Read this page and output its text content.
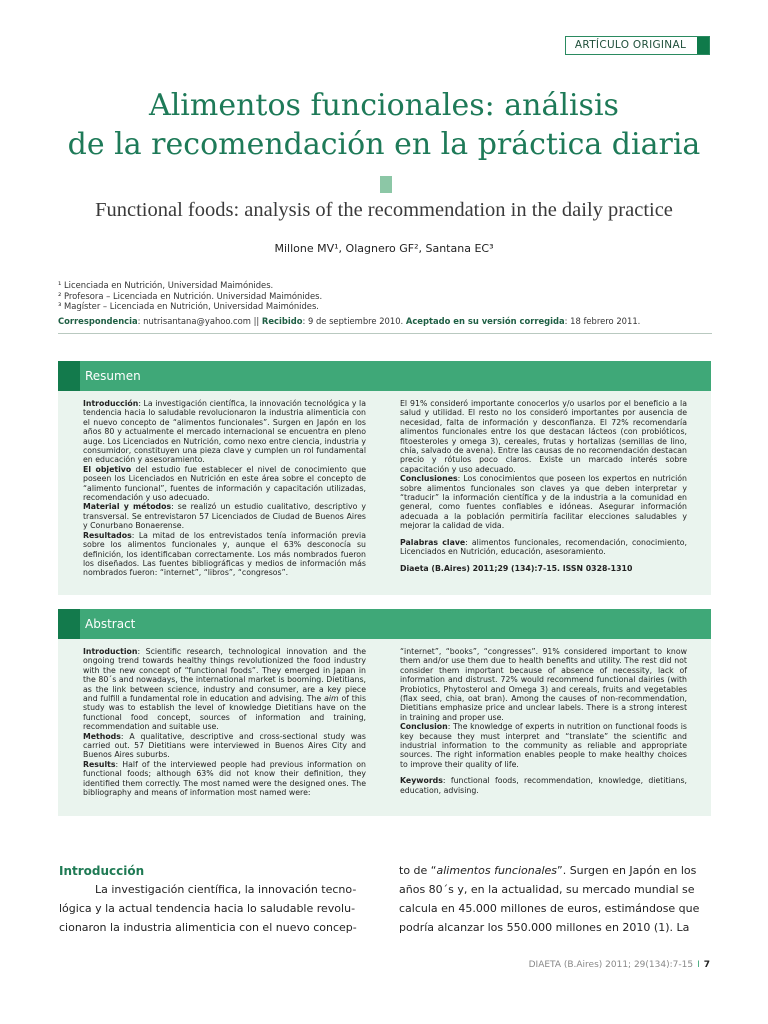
ARTÍCULO ORIGINAL
Alimentos funcionales: análisis
de la recomendación en la práctica diaria
Functional foods: analysis of the recommendation in the daily practice
Millone MV¹, Olagnero GF², Santana EC³
¹ Licenciada en Nutrición, Universidad Maimónides.
² Profesora – Licenciada en Nutrición. Universidad Maimónides.
³ Magíster – Licenciada en Nutrición, Universidad Maimónides.
Correspondencia: nutrisantana@yahoo.com || Recibido: 9 de septiembre 2010. Aceptado en su versión corregida: 18 febrero 2011.
Resumen

Introducción: La investigación científica, la innovación tecnológica y la tendencia hacia lo saludable revolucionaron la industria alimenticia con el nuevo concepto de “alimentos funcionales”. Surgen en Japón en los años 80 y actualmente el mercado internacional se encuentra en pleno auge. Los Licenciados en Nutrición, como nexo entre ciencia, industria y consumidor, constituyen una pieza clave y cumplen un rol fundamental en educación y asesoramiento.

El objetivo del estudio fue establecer el nivel de conocimiento que poseen los Licenciados en Nutrición en este área sobre el concepto de “alimento funcional”, fuentes de información y capacitación utilizadas, recomendación y uso adecuado.

Material y métodos: se realizó un estudio cualitativo, descriptivo y transversal. Se entrevistaron 57 Licenciados de Ciudad de Buenos Aires y Conurbano Bonaerense.

Resultados: La mitad de los entrevistados tenía información previa sobre los alimentos funcionales y, aunque el 63% desconocía su definición, los identificaban correctamente. Los más nombrados fueron los diseñados. Las fuentes bibliográficas y medios de información más nombrados fueron: “internet”, “libros”, “congresos”.

El 91% consideró importante conocerlos y/o usarlos por el beneficio a la salud y utilidad. El resto no los consideró importantes por ausencia de necesidad, falta de información y desconfianza. El 72% recomendaría alimentos funcionales entre los que destacan lácteos (con probióticos, fitoesteroles y omega 3), cereales, frutas y hortalizas (semillas de lino, chía, salvado de avena). Entre las causas de no recomendación destacan precio y rótulos poco claros. Existe un marcado interés sobre capacitación y uso adecuado.

Conclusiones: Los conocimientos que poseen los expertos en nutrición sobre alimentos funcionales son claves ya que deben interpretar y “traducir” la información científica y de la industria a la comunidad en general, como fuentes confiables e idóneas. Asegurar información adecuada a la población permitiría facilitar elecciones saludables y mejorar la calidad de vida.

Palabras clave: alimentos funcionales, recomendación, conocimiento, Licenciados en Nutrición, educación, asesoramiento.

Diaeta (B.Aires) 2011;29 (134):7-15. ISSN 0328-1310

Abstract

Introduction: Scientific research, technological innovation and the ongoing trend towards healthy things revolutionized the food industry with the new concept of “functional foods”. They emerged in Japan in the 80´s and nowadays, the international market is booming. Dietitians, as the link between science, industry and consumer, are a key piece and fulfill a fundamental role in education and advising. The aim of this study was to establish the level of knowledge Dietitians have on the functional food concept, sources of information and training, recommendation and suitable use.

Methods: A qualitative, descriptive and cross-sectional study was carried out. 57 Dietitians were interviewed in Buenos Aires City and Buenos Aires suburbs.

Results: Half of the interviewed people had previous information on functional foods; although 63% did not know their definition, they identified them correctly. The most named were the designed ones. The bibliography and means of information most named were:

“internet”, “books”, “congresses”. 91% considered important to know them and/or use them due to health benefits and utility. The rest did not consider them important because of absence of necessity, lack of information and distrust. 72% would recommend functional dairies (with Probiotics, Phytosterol and Omega 3) and cereals, fruits and vegetables (flax seed, chia, oat bran). Among the causes of non-recommendation, Dietitians emphasize price and unclear labels. There is a strong interest in training and proper use.

Conclusion: The knowledge of experts in nutrition on functional foods is key because they must interpret and “translate” the scientific and industrial information to the community as reliable and appropriate sources. The right information enables people to make healthy choices to improve their quality of life.

Keywords: functional foods, recommendation, knowledge, dietitians, education, advising.

Introducción
La investigación científica, la innovación tecno-
lógica y la actual tendencia hacia lo saludable revolu-
cionaron la industria alimenticia con el nuevo concep-
to de “alimentos funcionales”. Surgen en Japón en los
años 80´s y, en la actualidad, su mercado mundial se
calcula en 45.000 millones de euros, estimándose que
podría alcanzar los 550.000 millones en 2010 (1). La
DIAETA (B.Aires) 2011; 29(134):7-15 I 7
